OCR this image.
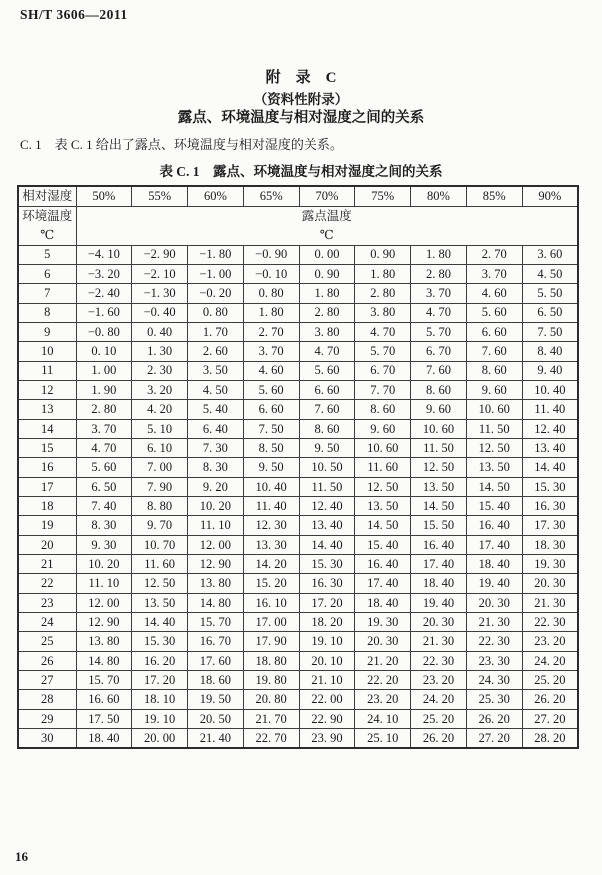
SH/T 3606—2011
附　录　C
（资料性附录）
露点、环境温度与相对湿度之间的关系

C. 1　表 C. 1 给出了露点、环境温度与相对湿度的关系。

表 C. 1　露点、环境温度与相对湿度之间的关系
相对湿度	50%	55%	60%	65%	70%	75%	80%	85%	90%

环境温度
℃

露点温度
℃

5	−4. 10	−2. 90	−1. 80	−0. 90	0. 00	0. 90	1. 80	2. 70	3. 60
6	−3. 20	−2. 10	−1. 00	−0. 10	0. 90	1. 80	2. 80	3. 70	4. 50
7	−2. 40	−1. 30	−0. 20	0. 80	1. 80	2. 80	3. 70	4. 60	5. 50
8	−1. 60	−0. 40	0. 80	1. 80	2. 80	3. 80	4. 70	5. 60	6. 50
9	−0. 80	0. 40	1. 70	2. 70	3. 80	4. 70	5. 70	6. 60	7. 50
10	0. 10	1. 30	2. 60	3. 70	4. 70	5. 70	6. 70	7. 60	8. 40
11	1. 00	2. 30	3. 50	4. 60	5. 60	6. 70	7. 60	8. 60	9. 40
12	1. 90	3. 20	4. 50	5. 60	6. 60	7. 70	8. 60	9. 60	10. 40
13	2. 80	4. 20	5. 40	6. 60	7. 60	8. 60	9. 60	10. 60	11. 40
14	3. 70	5. 10	6. 40	7. 50	8. 60	9. 60	10. 60	11. 50	12. 40
15	4. 70	6. 10	7. 30	8. 50	9. 50	10. 60	11. 50	12. 50	13. 40
16	5. 60	7. 00	8. 30	9. 50	10. 50	11. 60	12. 50	13. 50	14. 40
17	6. 50	7. 90	9. 20	10. 40	11. 50	12. 50	13. 50	14. 50	15. 30
18	7. 40	8. 80	10. 20	11. 40	12. 40	13. 50	14. 50	15. 40	16. 30
19	8. 30	9. 70	11. 10	12. 30	13. 40	14. 50	15. 50	16. 40	17. 30
20	9. 30	10. 70	12. 00	13. 30	14. 40	15. 40	16. 40	17. 40	18. 30
21	10. 20	11. 60	12. 90	14. 20	15. 30	16. 40	17. 40	18. 40	19. 30
22	11. 10	12. 50	13. 80	15. 20	16. 30	17. 40	18. 40	19. 40	20. 30
23	12. 00	13. 50	14. 80	16. 10	17. 20	18. 40	19. 40	20. 30	21. 30
24	12. 90	14. 40	15. 70	17. 00	18. 20	19. 30	20. 30	21. 30	22. 30
25	13. 80	15. 30	16. 70	17. 90	19. 10	20. 30	21. 30	22. 30	23. 20
26	14. 80	16. 20	17. 60	18. 80	20. 10	21. 20	22. 30	23. 30	24. 20
27	15. 70	17. 20	18. 60	19. 80	21. 10	22. 20	23. 20	24. 30	25. 20
28	16. 60	18. 10	19. 50	20. 80	22. 00	23. 20	24. 20	25. 30	26. 20
29	17. 50	19. 10	20. 50	21. 70	22. 90	24. 10	25. 20	26. 20	27. 20
30	18. 40	20. 00	21. 40	22. 70	23. 90	25. 10	26. 20	27. 20	28. 20
16
